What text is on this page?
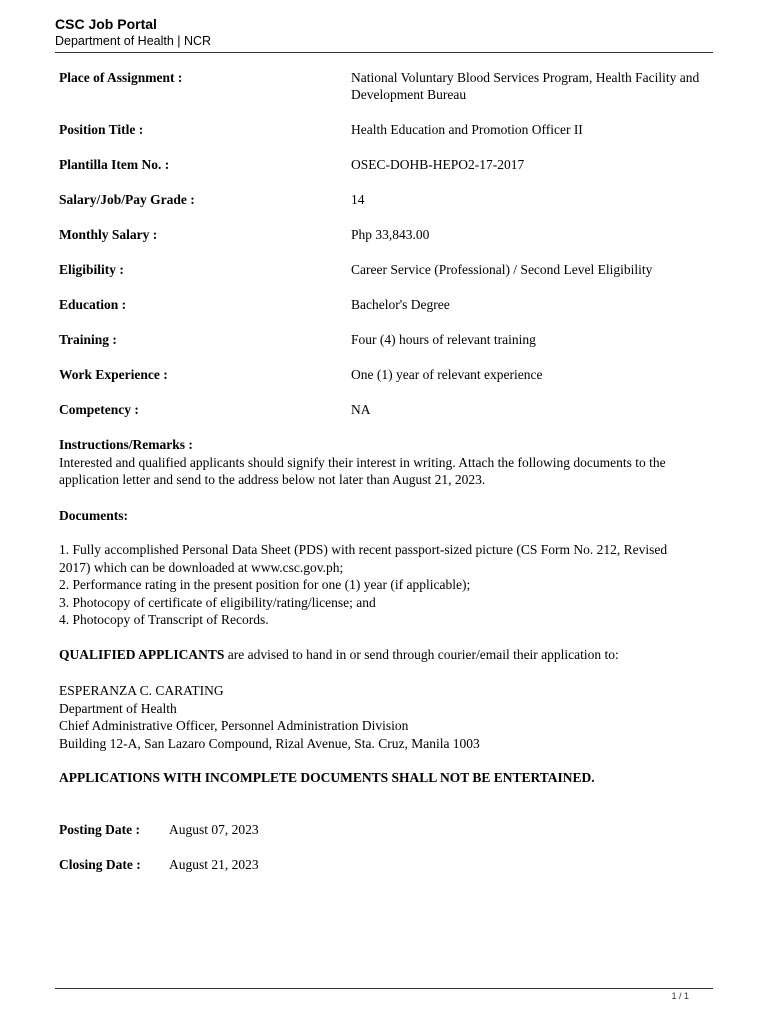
CSC Job Portal
Department of Health | NCR
Place of Assignment :	National Voluntary Blood Services Program, Health Facility and Development Bureau
Position Title :	Health Education and Promotion Officer II
Plantilla Item No. :	OSEC-DOHB-HEPO2-17-2017
Salary/Job/Pay Grade :	14
Monthly Salary :	Php 33,843.00
Eligibility :	Career Service (Professional) / Second Level Eligibility
Education :	Bachelor's Degree
Training :	Four (4) hours of relevant training
Work Experience :	One (1) year of relevant experience
Competency :	NA
Instructions/Remarks :
Interested and qualified applicants should signify their interest in writing. Attach the following documents to the application letter and send to the address below not later than August 21, 2023.
Documents:
1. Fully accomplished Personal Data Sheet (PDS) with recent passport-sized picture (CS Form No. 212, Revised 2017) which can be downloaded at www.csc.gov.ph;
2. Performance rating in the present position for one (1) year (if applicable);
3. Photocopy of certificate of eligibility/rating/license; and
4. Photocopy of Transcript of Records.
QUALIFIED APPLICANTS are advised to hand in or send through courier/email their application to:
ESPERANZA C. CARATING
Department of Health
Chief Administrative Officer, Personnel Administration Division
Building 12-A, San Lazaro Compound, Rizal Avenue, Sta. Cruz, Manila 1003
APPLICATIONS WITH INCOMPLETE DOCUMENTS SHALL NOT BE ENTERTAINED.
Posting Date : August 07, 2023
Closing Date : August 21, 2023
1 / 1
